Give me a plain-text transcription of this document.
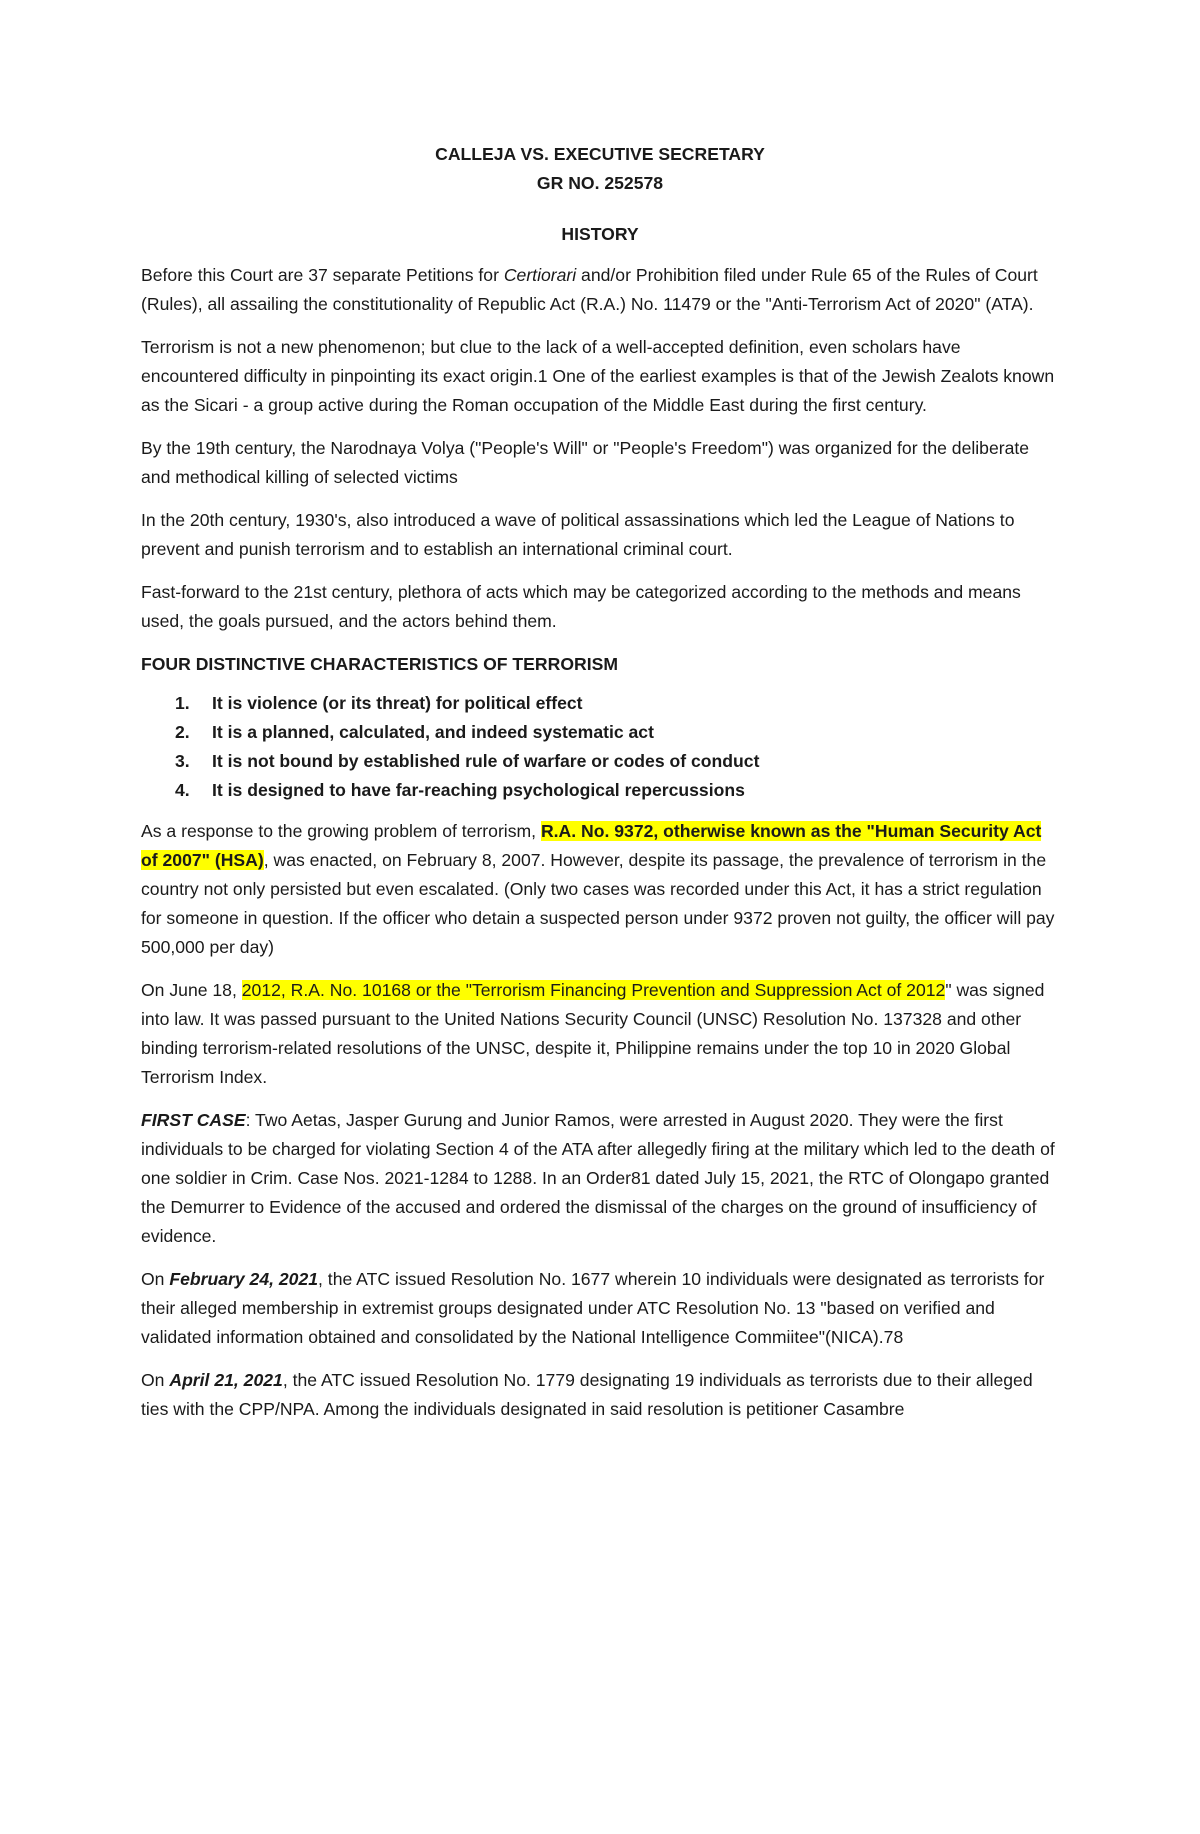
CALLEJA VS. EXECUTIVE SECRETARY

GR NO. 252578

HISTORY

Before this Court are 37 separate Petitions for Certiorari and/or Prohibition filed under Rule 65 of the Rules of Court (Rules), all assailing the constitutionality of Republic Act (R.A.) No. 11479 or the "Anti-Terrorism Act of 2020" (ATA).

Terrorism is not a new phenomenon; but clue to the lack of a well-accepted definition, even scholars have encountered difficulty in pinpointing its exact origin.1 One of the earliest examples is that of the Jewish Zealots known as the Sicari - a group active during the Roman occupation of the Middle East during the first century.

By the 19th century, the Narodnaya Volya ("People's Will" or "People's Freedom") was organized for the deliberate and methodical killing of selected victims

In the 20th century, 1930's, also introduced a wave of political assassinations which led the League of Nations to prevent and punish terrorism and to establish an international criminal court.

Fast-forward to the 21st century, plethora of acts which may be categorized according to the methods and means used, the goals pursued, and the actors behind them.

FOUR DISTINCTIVE CHARACTERISTICS OF TERRORISM

1. It is violence (or its threat) for political effect
2. It is a planned, calculated, and indeed systematic act
3. It is not bound by established rule of warfare or codes of conduct
4. It is designed to have far-reaching psychological repercussions

As a response to the growing problem of terrorism, R.A. No. 9372, otherwise known as the "Human Security Act of 2007" (HSA), was enacted, on February 8, 2007. However, despite its passage, the prevalence of terrorism in the country not only persisted but even escalated. (Only two cases was recorded under this Act, it has a strict regulation for someone in question. If the officer who detain a suspected person under 9372 proven not guilty, the officer will pay 500,000 per day)

On June 18, 2012, R.A. No. 10168 or the "Terrorism Financing Prevention and Suppression Act of 2012" was signed into law. It was passed pursuant to the United Nations Security Council (UNSC) Resolution No. 137328 and other binding terrorism-related resolutions of the UNSC, despite it, Philippine remains under the top 10 in 2020 Global Terrorism Index.

FIRST CASE: Two Aetas, Jasper Gurung and Junior Ramos, were arrested in August 2020. They were the first individuals to be charged for violating Section 4 of the ATA after allegedly firing at the military which led to the death of one soldier in Crim. Case Nos. 2021-1284 to 1288. In an Order81 dated July 15, 2021, the RTC of Olongapo granted the Demurrer to Evidence of the accused and ordered the dismissal of the charges on the ground of insufficiency of evidence.

On February 24, 2021, the ATC issued Resolution No. 1677 wherein 10 individuals were designated as terrorists for their alleged membership in extremist groups designated under ATC Resolution No. 13 "based on verified and validated information obtained and consolidated by the National Intelligence Commiitee"(NICA).78

On April 21, 2021, the ATC issued Resolution No. 1779 designating 19 individuals as terrorists due to their alleged ties with the CPP/NPA. Among the individuals designated in said resolution is petitioner Casambre
